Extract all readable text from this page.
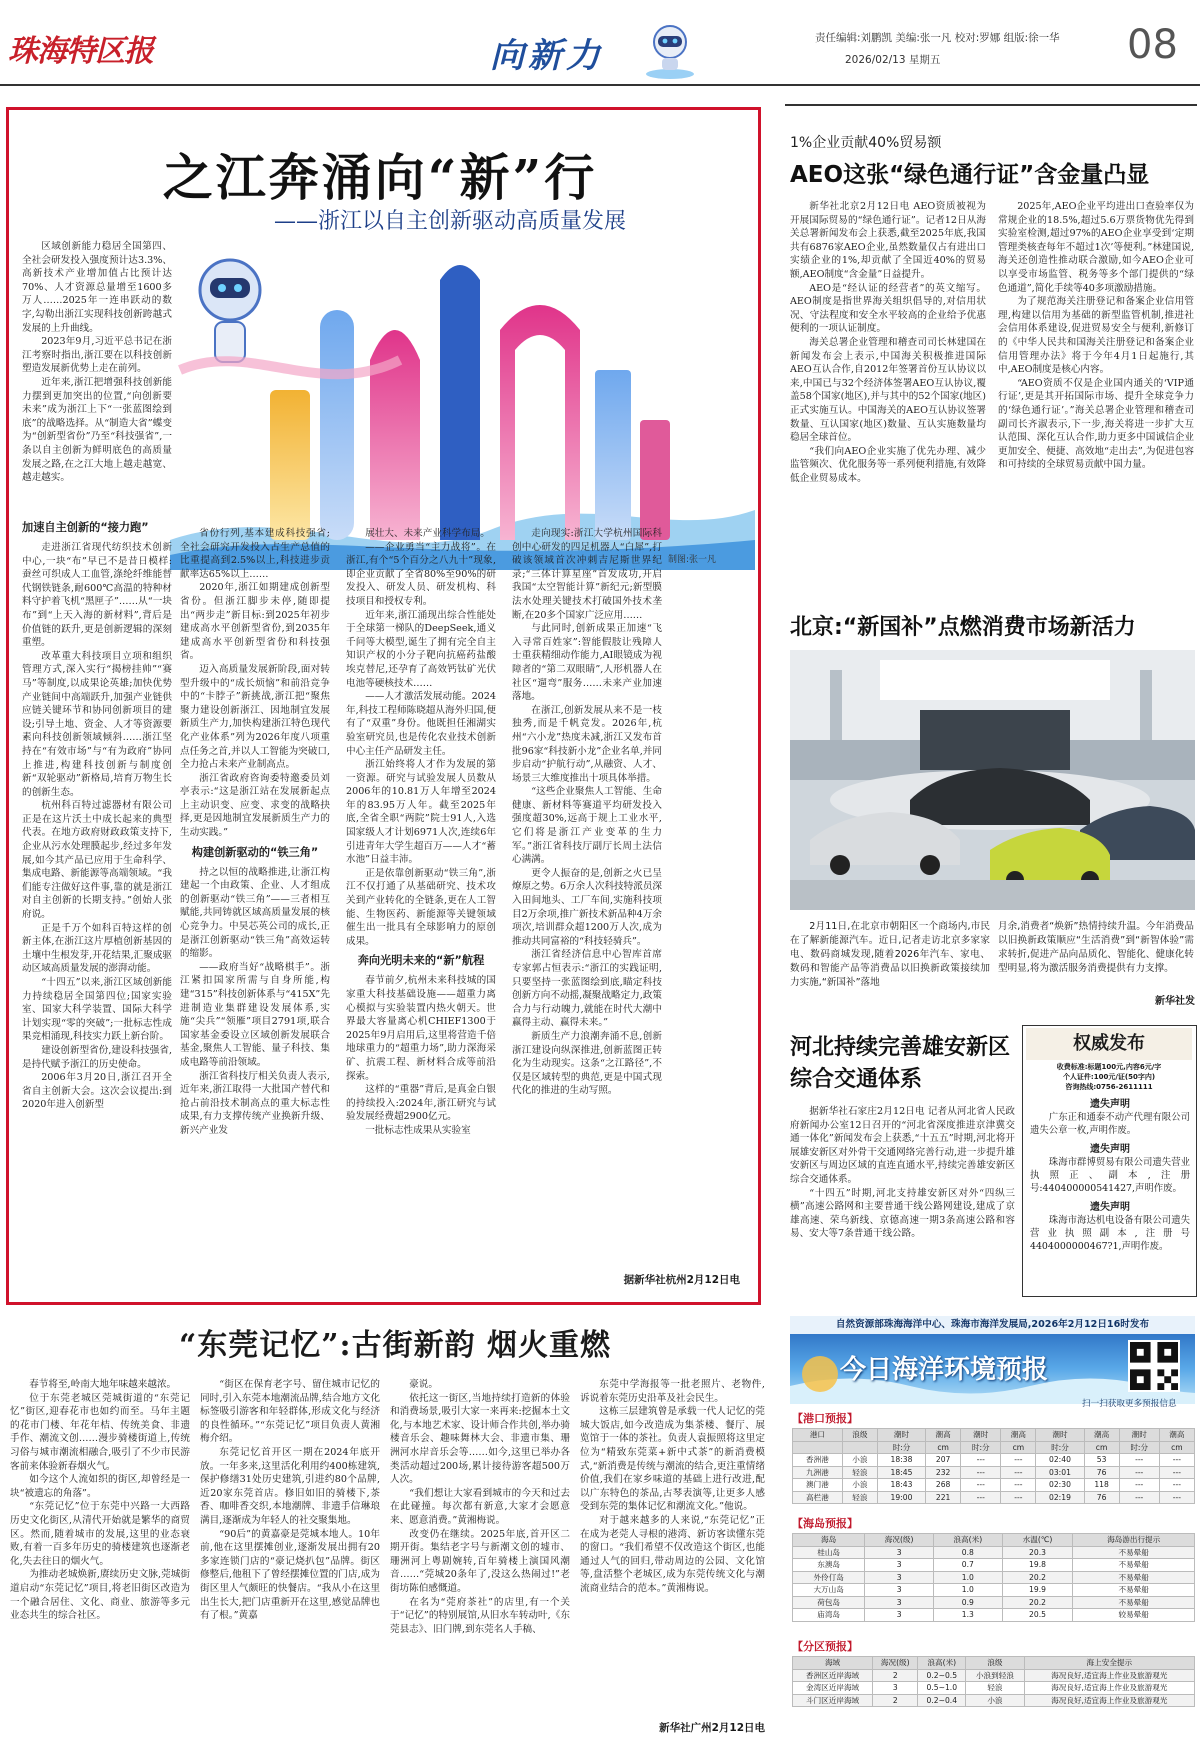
珠海特区报	向新力	责任编辑:刘鹏凯 美编:张一凡 校对:罗娜 组版:徐一华
2026/02/13 星期五	08
之江奔涌向“新”行
——浙江以自主创新驱动高质量发展
制图:张一凡

区域创新能力稳居全国第四、全社会研发投入强度预计达3.3%、高新技术产业增加值占比预计达70%、人才资源总量增至1600多万人……2025年一连串跃动的数字,勾勒出浙江实现科技创新跨越式发展的上升曲线。

2023年9月,习近平总书记在浙江考察时指出,浙江要在以科技创新塑造发展新优势上走在前列。

近年来,浙江把增强科技创新能力摆到更加突出的位置,“向创新要未来”成为浙江上下“一张蓝图绘到底”的战略选择。从“制造大省”蝶变为“创新型省份”乃至“科技强省”,一条以自主创新为鲜明底色的高质量发展之路,在之江大地上越走越宽、越走越实。

加速自主创新的“接力跑”

走进浙江省现代纺织技术创新中心,一块“布”早已不是昔日模样:蚕丝可织成人工血管,涤纶纤维能替代钢铁链条,耐600℃高温的特种材料守护着飞机“黑匣子”……从“一块布”到“上天入海的新材料”,背后是价值链的跃升,更是创新逻辑的深刻重塑。

改革重大科技项目立项和组织管理方式,深入实行“揭榜挂帅”“赛马”等制度,以成果论英雄;加快优势产业链间中高端跃升,加强产业链供应链关键环节和协同创新项目的建设;引导土地、资金、人才等资源要素向科技创新领域倾斜……浙江坚持在“有效市场”与“有为政府”协同上推进,构建科技创新与制度创新“双轮驱动”新格局,培育万物生长的创新生态。

杭州科百特过滤器材有限公司正是在这片沃土中成长起来的典型代表。在地方政府财政政策支持下,企业从污水处理膜起步,经过多年发展,如今其产品已应用于生命科学、集成电路、新能源等高端领域。“我们能专注做好这件事,靠的就是浙江对自主创新的长期支持。”创始人张府说。

正是千万个如科百特这样的创新主体,在浙江这片厚植创新基因的土壤中生根发芽,开花结果,汇聚成驱动区域高质量发展的澎湃动能。

“十四五”以来,浙江区域创新能力持续稳居全国第四位;国家实验室、国家大科学装置、国际大科学计划实现“零的突破”;一批标志性成果竞相涌现,科技实力跃上新台阶。

建设创新型省份,建设科技强省,是持代赋予浙江的历史使命。

2006年3月20日,浙江召开全省自主创新大会。这次会议提出:到2020年进入创新型

省份行列,基本建成科技强省;全社会研究开发投入占生产总值的比重提高到2.5%以上,科技进步贡献率达65%以上……

2020年,浙江如期建成创新型省份。但浙江脚步未停,随即提出“两步走”新目标:到2025年初步建成高水平创新型省份,到2035年建成高水平创新型省份和科技强省。

迈入高质量发展新阶段,面对转型升级中的“成长烦恼”和前沿竞争中的“卡脖子”新挑战,浙江把“聚焦聚力建设创新浙江、因地制宜发展新质生产力,加快构建浙江特色现代化产业体系”列为2026年度八项重点任务之首,并以人工智能为突破口,全力抢占未来产业制高点。

浙江省政府咨询委特邀委员刘亭表示:“这是浙江站在发展新起点上主动识变、应变、求变的战略抉择,更是因地制宜发展新质生产力的生动实践。”

构建创新驱动的“铁三角”

持之以恒的战略推进,让浙江构建起一个由政策、企业、人才组成的创新驱动“铁三角”——三者相互赋能,共同铸就区域高质量发展的核心竞争力。中昊芯英公司的成长,正是浙江创新驱动“铁三角”高效运转的缩影。

——政府当好“战略棋手”。浙江紧扣国家所需与自身所能,构建“315”科技创新体系与“415X”先进制造业集群建设发展体系,实施“尖兵”“领雁”项目2791项,联合国家基金委设立区域创新发展联合基金,聚焦人工智能、量子科技、集成电路等前沿领域。

浙江省科技厅相关负责人表示,近年来,浙江取得一大批国产替代和抢占前沿技术制高点的重大标志性成果,有力支撑传统产业换新升级、新兴产业发

展壮大、未来产业科学布局。

——企业勇当“主力战将”。在浙江,有个“5个百分之八九十”现象,即企业贡献了全省80%至90%的研发投入、研发人员、研发机构、科技项目和授权专利。

近年来,浙江涌现出综合性能处于全球第一梯队的DeepSeek,通义千问等大模型,诞生了拥有完全自主知识产权的小分子靶向抗癌药盐酸埃克替尼,还孕育了高效钙钛矿光伏电池等硬核技术……

——人才激活发展动能。2024年,科技工程师陈晓超从海外归国,便有了“双重”身份。他既担任湘湖实验室研究员,也是传化农业技术创新中心主任产品研发主任。

浙江始终将人才作为发展的第一资源。研究与试验发展人员数从2006年的10.81万人年增至2024年的83.95万人年。截至2025年底,全省全职“两院”院士91人,入选国家级人才计划6971人次,连续6年引进青年大学生超百万——人才“蓄水池”日益丰沛。

正是依靠创新驱动“铁三角”,浙江不仅打通了从基础研究、技术攻关到产业转化的全链条,更在人工智能、生物医药、新能源等关键领域催生出一批具有全球影响力的原创成果。

奔向光明未来的“新”航程

春节前夕,杭州未来科技城的国家重大科技基础设施——超重力离心模拟与实验装置内热火朝天。世界最大容量离心机CHIEF1300于2025年9月启用后,这里将营造千倍地球重力的“超重力场”,助力深海采矿、抗震工程、新材料合成等前沿探索。

这样的“重器”背后,是真金白银的持续投入:2024年,浙江研究与试验发展经费超2900亿元。

一批标志性成果从实验室

走向现实:浙江大学杭州国际科创中心研发的四足机器人“白犀”,打破该领域首次冲刺吉尼斯世界纪录;“三体计算星座”首发成功,开启我国“太空智能计算”新纪元;新型膜法水处理关键技术打破国外技术垄断,在20多个国家广泛应用……

与此同时,创新成果正加速“飞入寻常百姓家”:智能假肢让残障人士重获精细动作能力,AI眼镜成为视障者的“第二双眼睛”,人形机器人在社区“遛弯”服务……未来产业加速落地。

在浙江,创新发展从来不是一枝独秀,而是千帆竞发。2026年,杭州“六小龙”热度未减,浙江又发布首批96家“科技新小龙”企业名单,并同步启动“护航行动”,从融资、人才、场景三大维度推出十项具体举措。

“这些企业聚焦人工智能、生命健康、新材料等赛道平均研发投入强度超30%,远高于规上工业水平,它们将是浙江产业变革的生力军。”浙江省科技厅副厅长周土法信心满满。

更令人振奋的是,创新之火已呈燎原之势。6万余人次科技特派员深入田间地头、工厂车间,实施科技项目2万余项,推广新技术新品种4万余项次,培训群众超1200万人次,成为推动共同富裕的“科技轻骑兵”。

浙江省经济信息中心智库首席专家郭占恒表示:“浙江的实践证明,只要坚持一张蓝图绘到底,瞄定科技创新方向不动摇,凝聚战略定力,政策合力与行动魄力,就能在时代大潮中赢得主动、赢得未来。”

新质生产力浪潮奔涌不息,创新浙江建设向纵深推进,创新蓝图正转化为生动现实。这条“之江路径”,不仅是区域转型的典范,更是中国式现代化的推进的生动写照。

据新华社杭州2月12日电
1%企业贡献40%贸易额
AEO这张“绿色通行证”含金量凸显

新华社北京2月12日电 AEO资质被视为开展国际贸易的“绿色通行证”。记者12日从海关总署新闻发布会上获悉,截至2025年底,我国共有6876家AEO企业,虽然数量仅占有进出口实绩企业的1%,却贡献了全国近40%的贸易额,AEO制度“含金量”日益提升。

AEO是“经认证的经营者”的英文缩写。AEO制度是指世界海关组织倡导的,对信用状况、守法程度和安全水平较高的企业给予优惠便利的一项认证制度。

海关总署企业管理和稽查司司长林建国在新闻发布会上表示,中国海关积极推进国际AEO互认合作,自2012年签署首份互认协议以来,中国已与32个经济体签署AEO互认协议,覆盖58个国家(地区),并与其中的52个国家(地区)正式实施互认。中国海关的AEO互认协议签署数量、互认国家(地区)数量、互认实施数量均稳居全球首位。

“我们向AEO企业实施了优先办理、减少监管频次、优化服务等一系列便利措施,有效降低企业贸易成本。

2025年,AEO企业平均进出口查验率仅为常规企业的18.5%,超过5.6万票货物优先得到实验室检测,超过97%的AEO企业享受到‘定期管理类核查每年不超过1次’等便利。”林建国说,海关还创造性推动联合激励,如今AEO企业可以享受市场监管、税务等多个部门提供的“绿色通道”,简化手续等40多项激励措施。

为了规范海关注册登记和备案企业信用管理,构建以信用为基础的新型监管机制,推进社会信用体系建设,促进贸易安全与便利,新修订的《中华人民共和国海关注册登记和备案企业信用管理办法》将于今年4月1日起施行,其中,AEO制度是核心内容。

“AEO资质不仅是企业国内通关的‘VIP通行证’,更是其开拓国际市场、提升全球竞争力的‘绿色通行证’。”海关总署企业管理和稽查司副司长齐淑表示,下一步,海关将进一步扩大互认范围、深化互认合作,助力更多中国诚信企业更加安全、便捷、高效地“走出去”,为促进包容和可持续的全球贸易贡献中国力量。

北京:“新国补”点燃消费市场新活力
2月11日,在北京市朝阳区一个商场内,市民在了解新能源汽车。近日,记者走访北京多家家电、数码商城发现,随着2026年汽车、家电、数码和智能产品等消费品以旧换新政策接续加力实施,“新国补”落地
月余,消费者“焕新”热情持续升温。今年消费品以旧换新政策顺应“生活消费”到“新智体验”需求转折,促进产品向品质化、智能化、健康化转型明显,将为激活服务消费提供有力支撑。
新华社发
河北持续完善雄安新区综合交通体系

据新华社石家庄2月12日电 记者从河北省人民政府新闻办公室12日召开的“河北省深度推进京津冀交通一体化”新闻发布会上获悉,“十五五”时期,河北将开展雄安新区对外骨干交通网络完善行动,进一步提升雄安新区与周边区域的直连直通水平,持续完善雄安新区综合交通体系。

“十四五”时期,河北支持雄安新区对外“四纵三横”高速公路网和主要普通干线公路网建设,建成了京雄高速、荣乌新线、京德高速一期3条高速公路和容易、安大等7条普通干线公路。

权威发布
收费标准:标题100元,内容6元/字
个人证件:100元/证(50字内)
咨询热线:0756-2611111
遗失声明
广东正和通泰不动产代理有限公司遗失公章一枚,声明作废。
遗失声明
珠海市群博贸易有限公司遗失营业执照正、副本,注册号:440400000541427,声明作废。
遗失声明
珠海市海达机电设备有限公司遗失营业执照副本,注册号4404000000467?1,声明作废。
“东莞记忆”:古街新韵 烟火重燃

春节将至,岭南大地年味越来越浓。

位于东莞老城区莞城街道的“东莞记忆”街区,迎春花市也如约而至。马年主题的花市门楼、年花年桔、传统美食、非遗手作、潮流文创……漫步骑楼街道上,传统习俗与城市潮流相融合,吸引了不少市民游客前来体验新春烟火气。

如今这个人流如织的街区,却曾经是一块“被遗忘的角落”。

“东莞记忆”位于东莞中兴路一大西路历史文化街区,从清代开始就是繁华的商贸区。然而,随着城市的发展,这里的业态衰败,有着一百多年历史的骑楼建筑也逐渐老化,失去往日的烟火气。

为推动老城焕新,赓续历史文脉,莞城街道启动“东莞记忆”项目,将老旧街区改造为一个融合居住、文化、商业、旅游等多元业态共生的综合社区。

“街区在保育老字号、留住城市记忆的同时,引入东莞本地潮流品牌,结合地方文化标签吸引游客和年轻群体,形成文化与经济的良性循环。”“东莞记忆”项目负责人黄湘梅介绍。

东莞记忆首开区一期在2024年底开放。一年多来,这里活化利用约400栋建筑,保护修缮31处历史建筑,引进约80个品牌,近20家东莞首店。修旧如旧的骑楼下,茶香、咖啡香交织,本地潮牌、非遗手信琳琅满目,逐渐成为年轻人的社交聚集地。

“90后”的黄嘉豪是莞城本地人。10年前,他在这里摆摊创业,逐渐发展出拥有20多家连锁门店的“豪记烧扒包”品牌。街区修整后,他租下了曾经摆摊位置的门店,成为街区里人气颇旺的快餐店。“我从小在这里出生长大,把门店重新开在这里,感觉品牌也有了根。”黄嘉

豪说。

依托这一街区,当地持续打造新的体验和消费场景,吸引大家一来再来:挖掘本土文化,与本地艺术家、设计师合作共创,举办骑楼音乐会、趣味舞林大会、非遗市集、珊洲河水岸音乐会等……如今,这里已举办各类活动超过200场,累计接待游客超500万人次。

“我们想让大家看到城市的今天和过去在此碰撞。每次都有新意,大家才会愿意来、愿意消费。”黄湘梅说。

改变仍在继续。2025年底,首开区二期开街。集结老字号与新潮文创的墟市、珊洲河上粤剧婉转,百年骑楼上演国风潮音……“莞城20条年了,没这么热闹过!”老街坊陈伯感慨道。

在名为“莞府茶社”的店里,有一个关于“记忆”的特别展馆,从旧水车转动叶,《东莞县志》、旧门牌,到东莞名人手稿、

东莞中学海报等一批老照片、老物件,诉说着东莞历史沿革及社会民生。

这栋三层建筑曾是承载一代人记忆的莞城大饭店,如今改造成为集茶楼、餐厅、展览馆于一体的茶社。负责人袁振照将这里定位为“精致东莞菜+新中式茶”的新消费模式,“新消费是传统与潮流的结合,更注重情绪价值,我们在家乡味道的基础上进行改进,配以广东特色的茶品,古琴表演等,让更多人感受到东莞的集体记忆和潮流文化。”他说。

对于越来越多的人来说,“东莞记忆”正在成为老莞人寻根的港湾、新访客读懂东莞的窗口。“我们希望不仅改造这个街区,也能通过人气的回归,带动周边的公园、文化馆等,盘活整个老城区,成为东莞传统文化与潮流商业结合的范本。”黄湘梅说。

新华社广州2月12日电
自然资源部珠海海洋中心、珠海市海洋发展局,2026年2月12日16时发布
今日海洋环境预报
扫一扫获取更多预报信息
【港口预报】
港口	浪级	潮时	潮高	潮时	潮高	潮时	潮高	潮时	潮高
		时:分	cm	时:分	cm	时:分	cm	时:分	cm
香洲港	小浪	18:38	207	---	---	02:40	53	---	---
九洲港	轻浪	18:45	232	---	---	03:01	76	---	---
澳门港	小浪	18:43	268	---	---	02:30	118	---	---
高栏港	轻浪	19:00	221	---	---	02:19	76	---	---
【海岛预报】
海岛	海况(级)	浪高(米)	水温(℃)	海岛游出行提示
桂山岛	3	0.8	20.3	不易晕船
东澳岛	3	0.7	19.8	不易晕船
外伶仃岛	3	1.0	20.2	不易晕船
大万山岛	3	1.0	19.9	不易晕船
荷包岛	3	0.9	20.2	不易晕船
庙湾岛	3	1.3	20.5	较易晕船
【分区预报】
海域	海况(级)	浪高(米)	浪级	海上安全提示
香洲区近岸海域	2	0.2~0.5	小浪到轻浪	海况良好,适宜海上作业及旅游观光
金湾区近岸海域	3	0.5~1.0	轻浪	海况良好,适宜海上作业及旅游观光
斗门区近岸海域	2	0.2~0.4	小浪	海况良好,适宜海上作业及旅游观光
